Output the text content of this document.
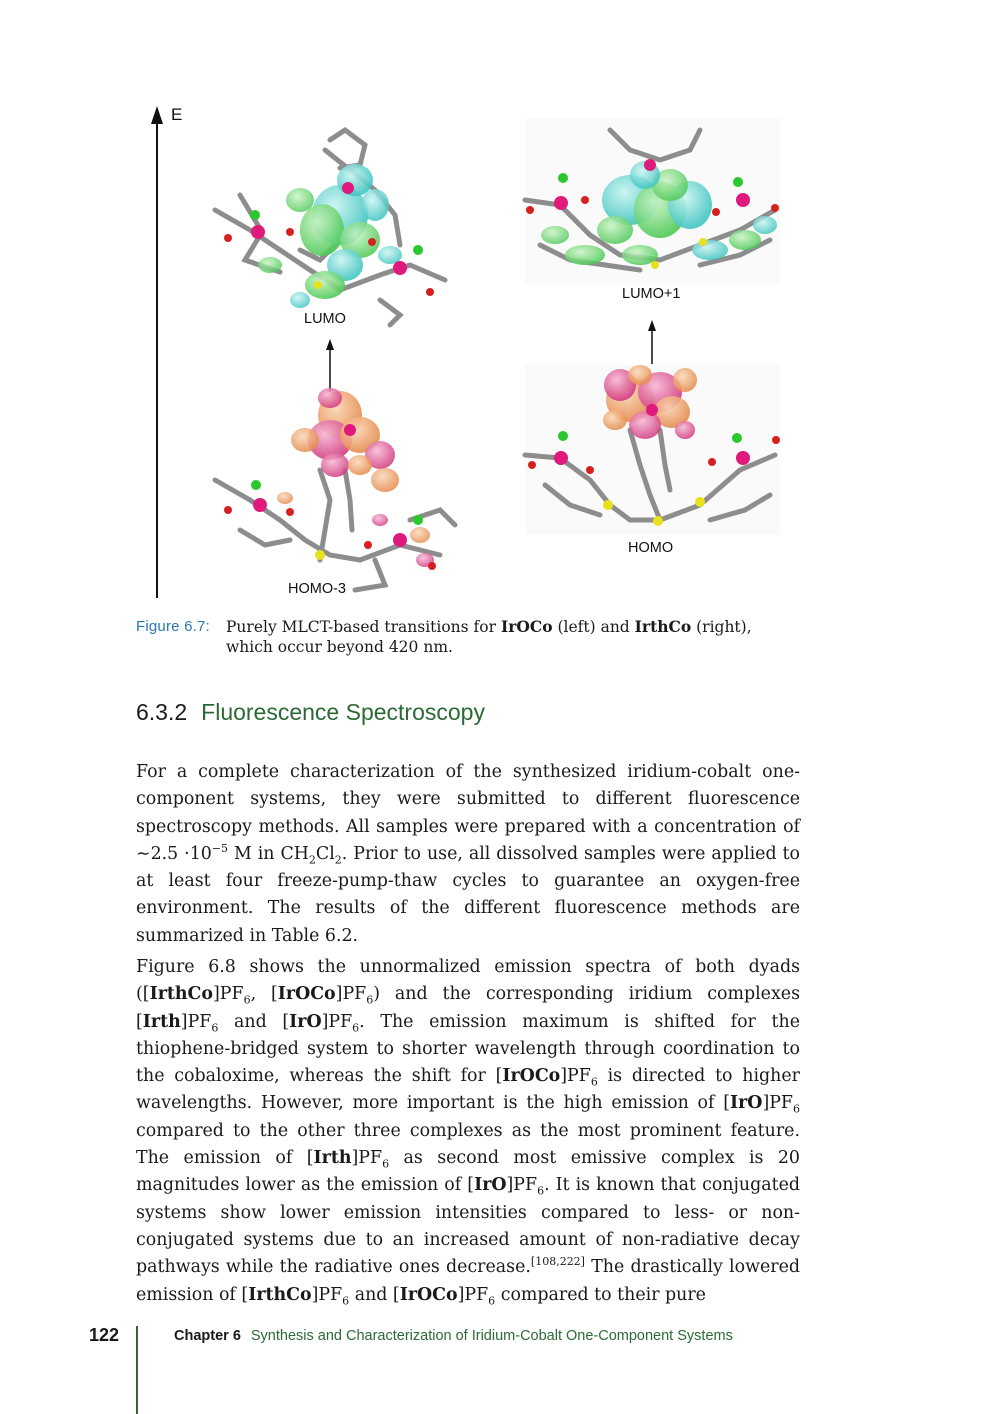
E
LUMO
LUMO+1
HOMO-3
HOMO
Figure 6.7:	Purely MLCT-based transitions for IrOCo (left) and IrthCo (right), which occur beyond 420 nm.
6.3.2 Fluorescence Spectroscopy
For a complete characterization of the synthesized iridium-cobalt one-component systems, they were submitted to different fluorescence spectroscopy methods. All samples were prepared with a concentration of ∼2.5 $\cdot 10^{-5}$ M in $CH_2Cl_2$. Prior to use, all dissolved samples were applied to at least four freeze-pump-thaw cycles to guarantee an oxygen-free environment. The results of the different fluorescence methods are summarized in Table 6.2.
Figure 6.8 shows the unnormalized emission spectra of both dyads ($[IrthCo]PF_6$, $[IrOCo]PF_6$) and the corresponding iridium complexes $[Irth]PF_6$ and $[IrO]PF_6$. The emission maximum is shifted for the thiophene-bridged system to shorter wavelength through coordination to the cobaloxime, whereas the shift for $[IrOCo]PF_6$ is directed to higher wavelengths. However, more important is the high emission of $[IrO]PF_6$ compared to the other three complexes as the most prominent feature. The emission of $[Irth]PF_6$ as second most emissive complex is 20 magnitudes lower as the emission of $[IrO]PF_6$. It is known that conjugated systems show lower emission intensities compared to less- or non-conjugated systems due to an increased amount of non-radiative decay pathways while the radiative ones decrease.[108,222] The drastically lowered emission of $[IrthCo]PF_6$ and $[IrOCo]PF_6$ compared to their pure
122	Chapter 6 Synthesis and Characterization of Iridium-Cobalt One-Component Systems
